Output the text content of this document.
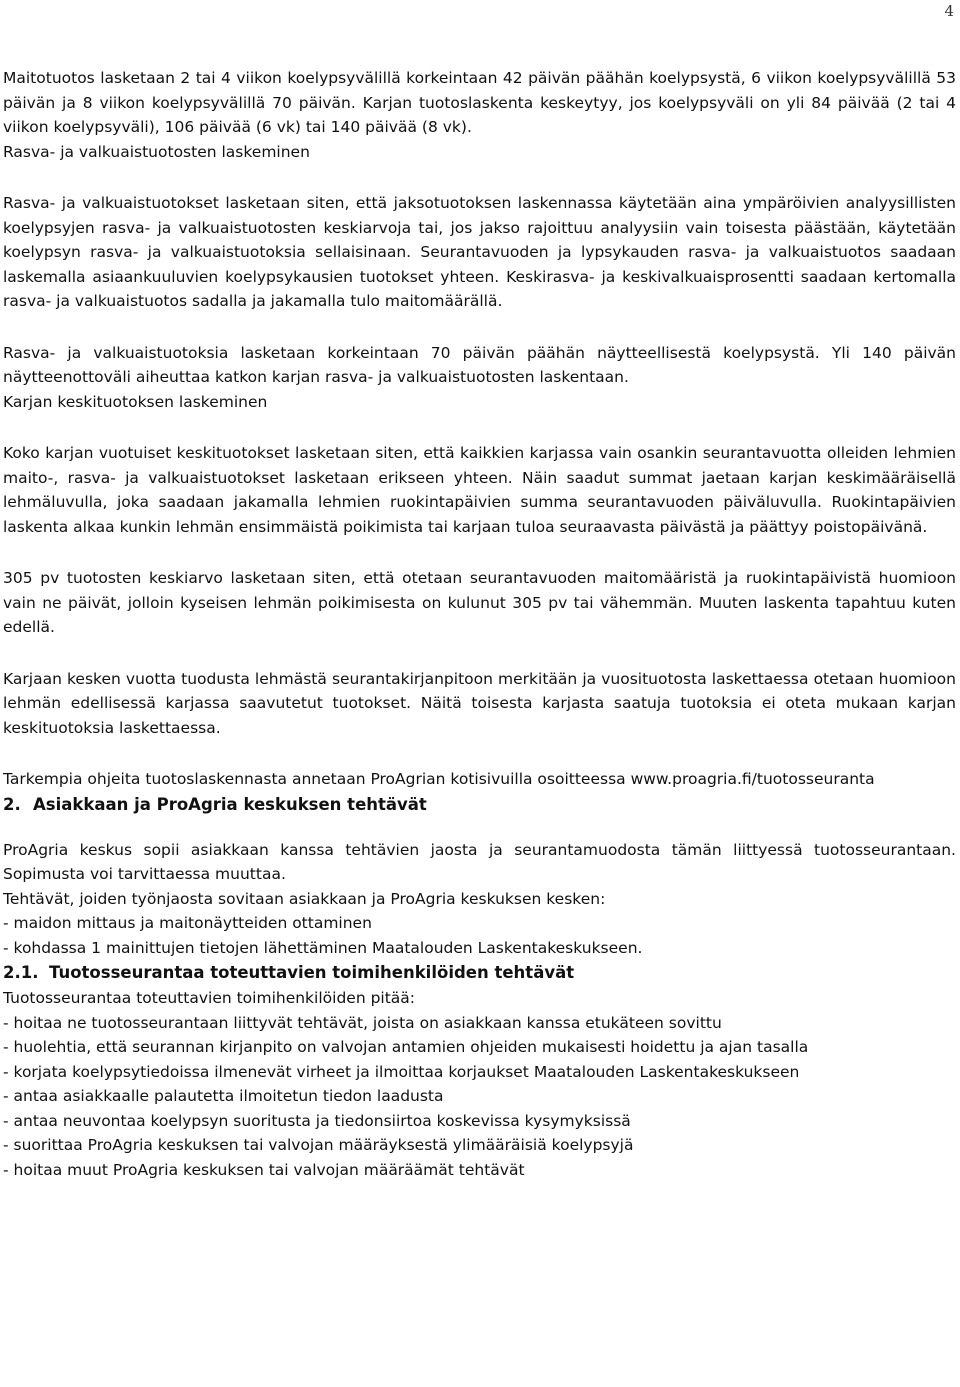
4

Maitotuotos lasketaan 2 tai 4 viikon koelypsyvälillä korkeintaan 42 päivän päähän koelypsystä, 6 viikon koelypsyvälillä 53 päivän ja 8 viikon koelypsyvälillä 70 päivän. Karjan tuotoslaskenta keskeytyy, jos koelypsyväli on yli 84 päivää (2 tai 4 viikon koelypsyväli), 106 päivää (6 vk) tai 140 päivää (8 vk).

Rasva- ja valkuaistuotosten laskeminen

Rasva- ja valkuaistuotokset lasketaan siten, että jaksotuotoksen laskennassa käytetään aina ympäröivien analyysillisten koelypsyjen rasva- ja valkuaistuotosten keskiarvoja tai, jos jakso rajoittuu analyysiin vain toisesta päästään, käytetään koelypsyn rasva- ja valkuaistuotoksia sellaisinaan. Seurantavuoden ja lypsykauden rasva- ja valkuaistuotos saadaan laskemalla asiaankuuluvien koelypsykausien tuotokset yhteen. Keskirasva- ja keskivalkuaisprosentti saadaan kertomalla rasva- ja valkuaistuotos sadalla ja jakamalla tulo maitomäärällä.

Rasva- ja valkuaistuotoksia lasketaan korkeintaan 70 päivän päähän näytteellisestä koelypsystä. Yli 140 päivän näytteenottoväli aiheuttaa katkon karjan rasva- ja valkuaistuotosten laskentaan.

Karjan keskituotoksen laskeminen

Koko karjan vuotuiset keskituotokset lasketaan siten, että kaikkien karjassa vain osankin seurantavuotta olleiden lehmien maito-, rasva- ja valkuaistuotokset lasketaan erikseen yhteen. Näin saadut summat jaetaan karjan keskimääräisellä lehmäluvulla, joka saadaan jakamalla lehmien ruokintapäivien summa seurantavuoden päiväluvulla. Ruokintapäivien laskenta alkaa kunkin lehmän ensimmäistä poikimista tai karjaan tuloa seuraavasta päivästä ja päättyy poistopäivänä.

305 pv tuotosten keskiarvo lasketaan siten, että otetaan seurantavuoden maitomääristä ja ruokintapäivistä huomioon vain ne päivät, jolloin kyseisen lehmän poikimisesta on kulunut 305 pv tai vähemmän. Muuten laskenta tapahtuu kuten edellä.

Karjaan kesken vuotta tuodusta lehmästä seurantakirjanpitoon merkitään ja vuosituotosta laskettaessa otetaan huomioon lehmän edellisessä karjassa saavutetut tuotokset. Näitä toisesta karjasta saatuja tuotoksia ei oteta mukaan karjan keskituotoksia laskettaessa.

Tarkempia ohjeita tuotoslaskennasta annetaan ProAgrian kotisivuilla osoitteessa www.proagria.fi/tuotosseuranta

2. Asiakkaan ja ProAgria keskuksen tehtävät

ProAgria keskus sopii asiakkaan kanssa tehtävien jaosta ja seurantamuodosta tämän liittyessä tuotosseurantaan. Sopimusta voi tarvittaessa muuttaa.

Tehtävät, joiden työnjaosta sovitaan asiakkaan ja ProAgria keskuksen kesken:

- maidon mittaus ja maitonäytteiden ottaminen
- kohdassa 1 mainittujen tietojen lähettäminen Maatalouden Laskentakeskukseen.
2.1. Tuotosseurantaa toteuttavien toimihenkilöiden tehtävät

Tuotosseurantaa toteuttavien toimihenkilöiden pitää:

- hoitaa ne tuotosseurantaan liittyvät tehtävät, joista on asiakkaan kanssa etukäteen sovittu
- huolehtia, että seurannan kirjanpito on valvojan antamien ohjeiden mukaisesti hoidettu ja ajan tasalla
- korjata koelypsytiedoissa ilmenevät virheet ja ilmoittaa korjaukset Maatalouden Laskentakeskukseen
- antaa asiakkaalle palautetta ilmoitetun tiedon laadusta
- antaa neuvontaa koelypsyn suoritusta ja tiedonsiirtoa koskevissa kysymyksissä
- suorittaa ProAgria keskuksen tai valvojan määräyksestä ylimääräisiä koelypsyjä
- hoitaa muut ProAgria keskuksen tai valvojan määräämät tehtävät
